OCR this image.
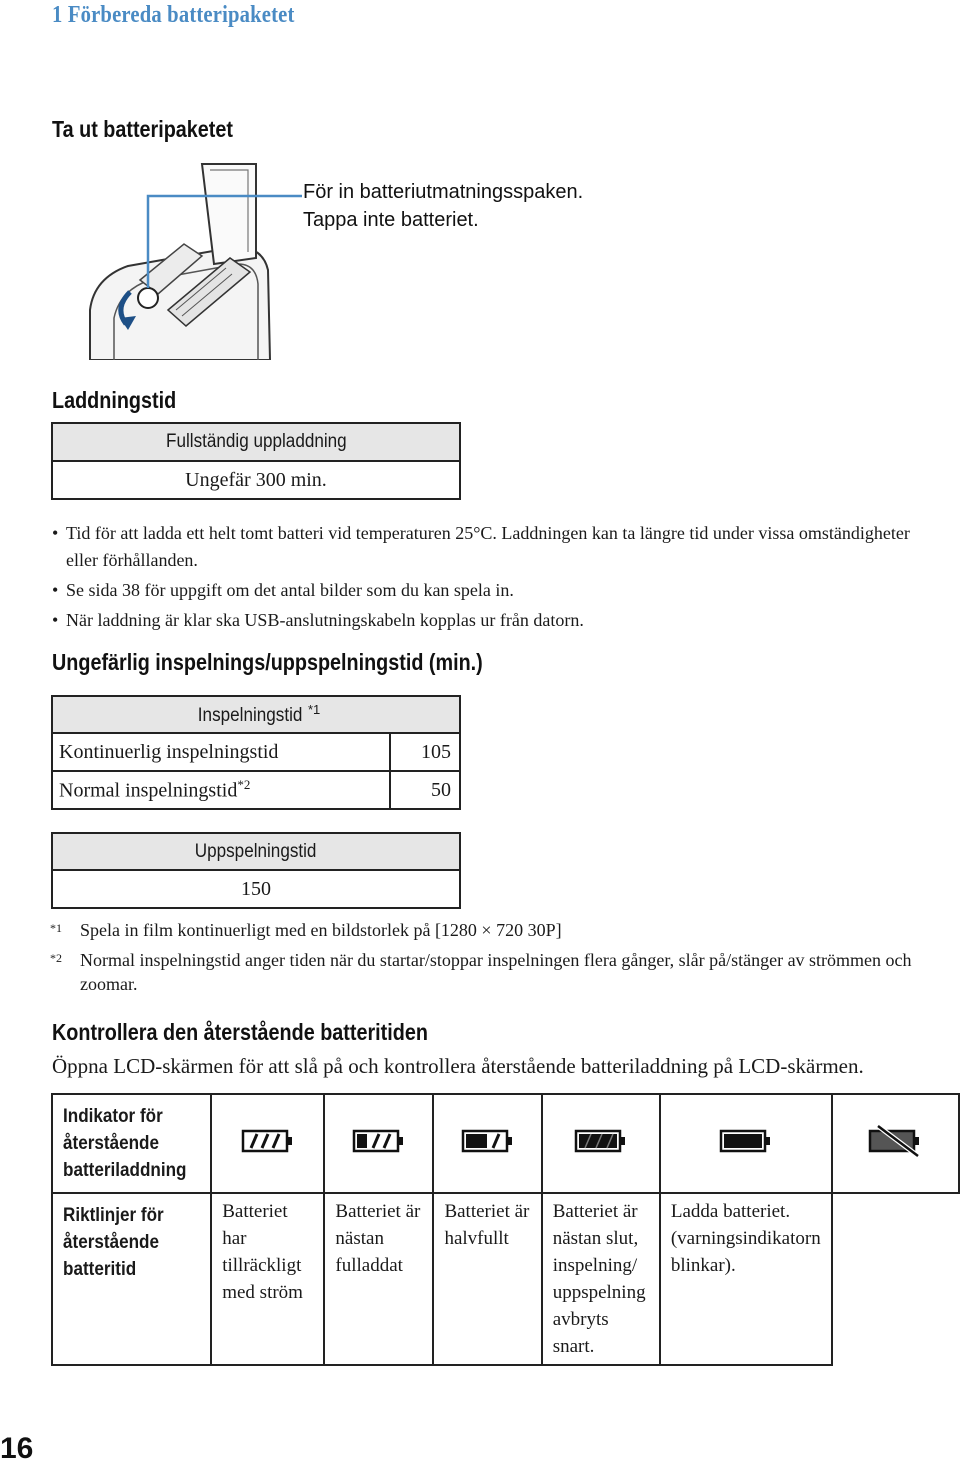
1 Förbereda batteripaketet
Ta ut batteripaketet
För in batteriutmatningsspaken.
Tappa inte batteriet.
Laddningstid
Fullständig uppladdning
Ungefär 300 min.
• Tid för att ladda ett helt tomt batteri vid temperaturen 25°C. Laddningen kan ta längre tid under vissa omständigheter eller förhållanden.
• Se sida 38 för uppgift om det antal bilder som du kan spela in.
• När laddning är klar ska USB-anslutningskabeln kopplas ur från datorn.
Ungefärlig inspelnings/uppspelningstid (min.)
Inspelningstid $^{*1}$
Kontinuerlig inspelningstid	105
Normal inspelningstid$^{*2}$	50
Uppspelningstid
150
*1 Spela in film kontinuerligt med en bildstorlek på [1280 × 720 30P]
*2 Normal inspelningstid anger tiden när du startar/stoppar inspelningen flera gånger, slår på/stänger av strömmen och zoomar.
Kontrollera den återstående batteritiden
Öppna LCD-skärmen för att slå på och kontrollera återstående batteriladdning på LCD-skärmen.
Indikator för återstående batteriladdning						
Riktlinjer för återstående batteritid	Batteriet har tillräckligt med ström	Batteriet är nästan fulladdat	Batteriet är halvfullt	Batteriet är nästan slut, inspelning/ uppspelning avbryts snart.	Ladda batteriet. (varningsindikatorn blinkar).	
16
